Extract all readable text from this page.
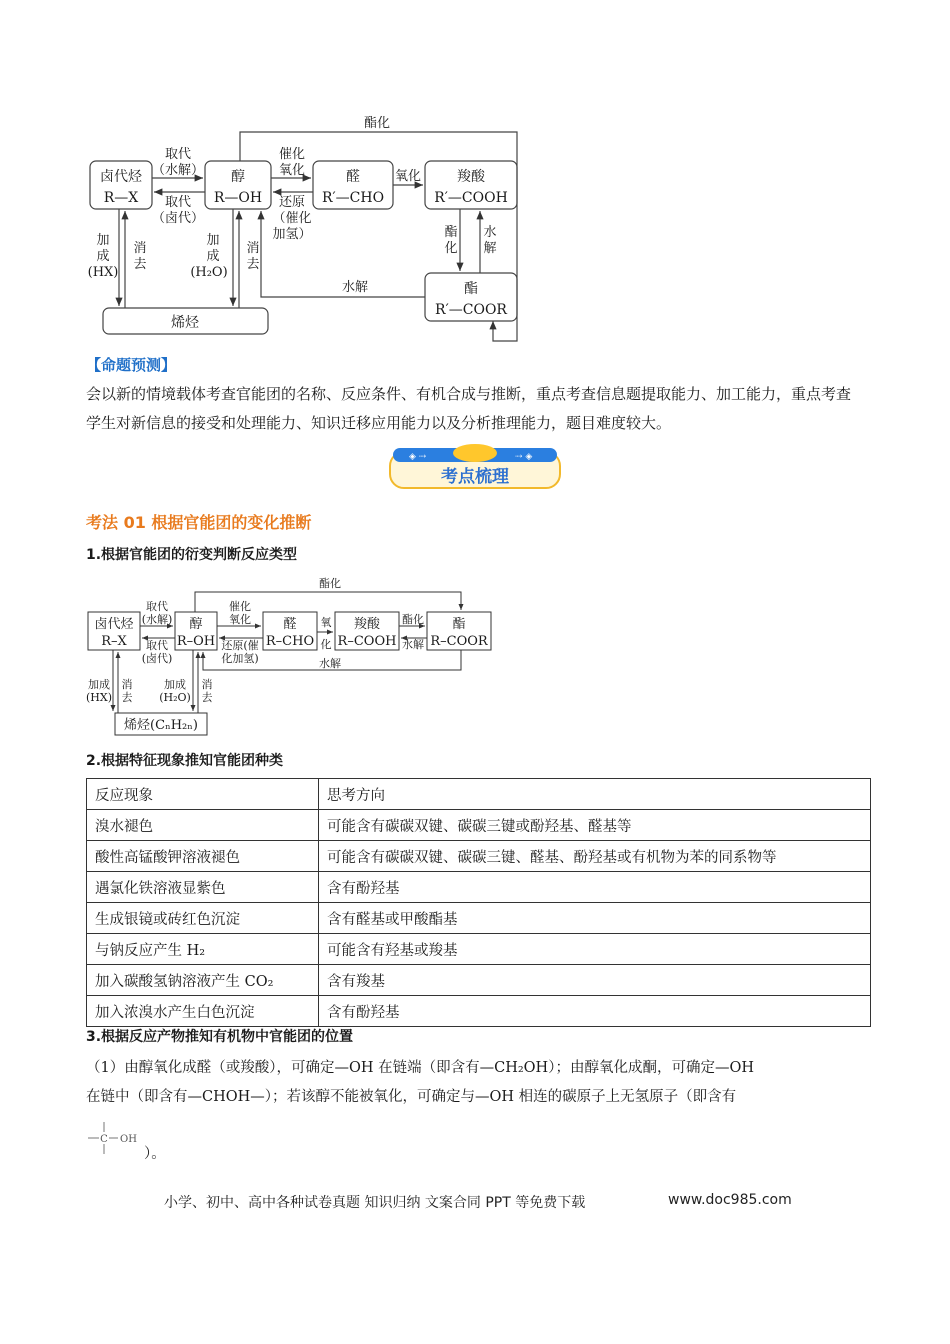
卤代烃
R—X
醇
R—OH
醛
R′—CHO
羧酸
R′—COOH
酯
R′—COOR
烯烃
酯化
取代
（水解）
取代
（卤代）
催化
氧化
还原
（催化
加氢）
氧化
酯
化
水
解
水解
加
成
(HX)
消
去
加
成
(H₂O)
消
去
【命题预测】
会以新的情境载体考查官能团的名称、反应条件、有机合成与推断，重点考查信息题提取能力、加工能力，重点考查学生对新信息的接受和处理能力、知识迁移应用能力以及分析推理能力，题目难度较大。
◈ ⇢	⇢ ◈
考点梳理
考法 01 根据官能团的变化推断
1.根据官能团的衍变判断反应类型
卤代烃
R–X
醇
R–OH
醛
R–CHO
羧酸
R–COOH
酯
R–COOR
烯烃(CₙH₂ₙ)
酯化
取代
(水解)
取代
(卤代)
催化
氧化
还原(催
化加氢)
氧
化
酯化
水解
水解
加成
(HX)
消
去
加成
(H₂O)
消
去
2.根据特征现象推知官能团种类
反应现象	思考方向
溴水褪色	可能含有碳碳双键、碳碳三键或酚羟基、醛基等
酸性高锰酸钾溶液褪色	可能含有碳碳双键、碳碳三键、醛基、酚羟基或有机物为苯的同系物等
遇氯化铁溶液显紫色	含有酚羟基
生成银镜或砖红色沉淀	含有醛基或甲酸酯基
与钠反应产生 H₂	可能含有羟基或羧基
加入碳酸氢钠溶液产生 CO₂	含有羧基
加入浓溴水产生白色沉淀	含有酚羟基
3.根据反应产物推知有机物中官能团的位置
（1）由醇氧化成醛（或羧酸），可确定—OH 在链端（即含有—CH₂OH）；由醇氧化成酮，可确定—OH
在链中（即含有—CHOH—）；若该醇不能被氧化，可确定与—OH 相连的碳原子上无氢原子（即含有
C OH
）。
小学、初中、高中各种试卷真题 知识归纳 文案合同 PPT 等免费下载	www.doc985.com
